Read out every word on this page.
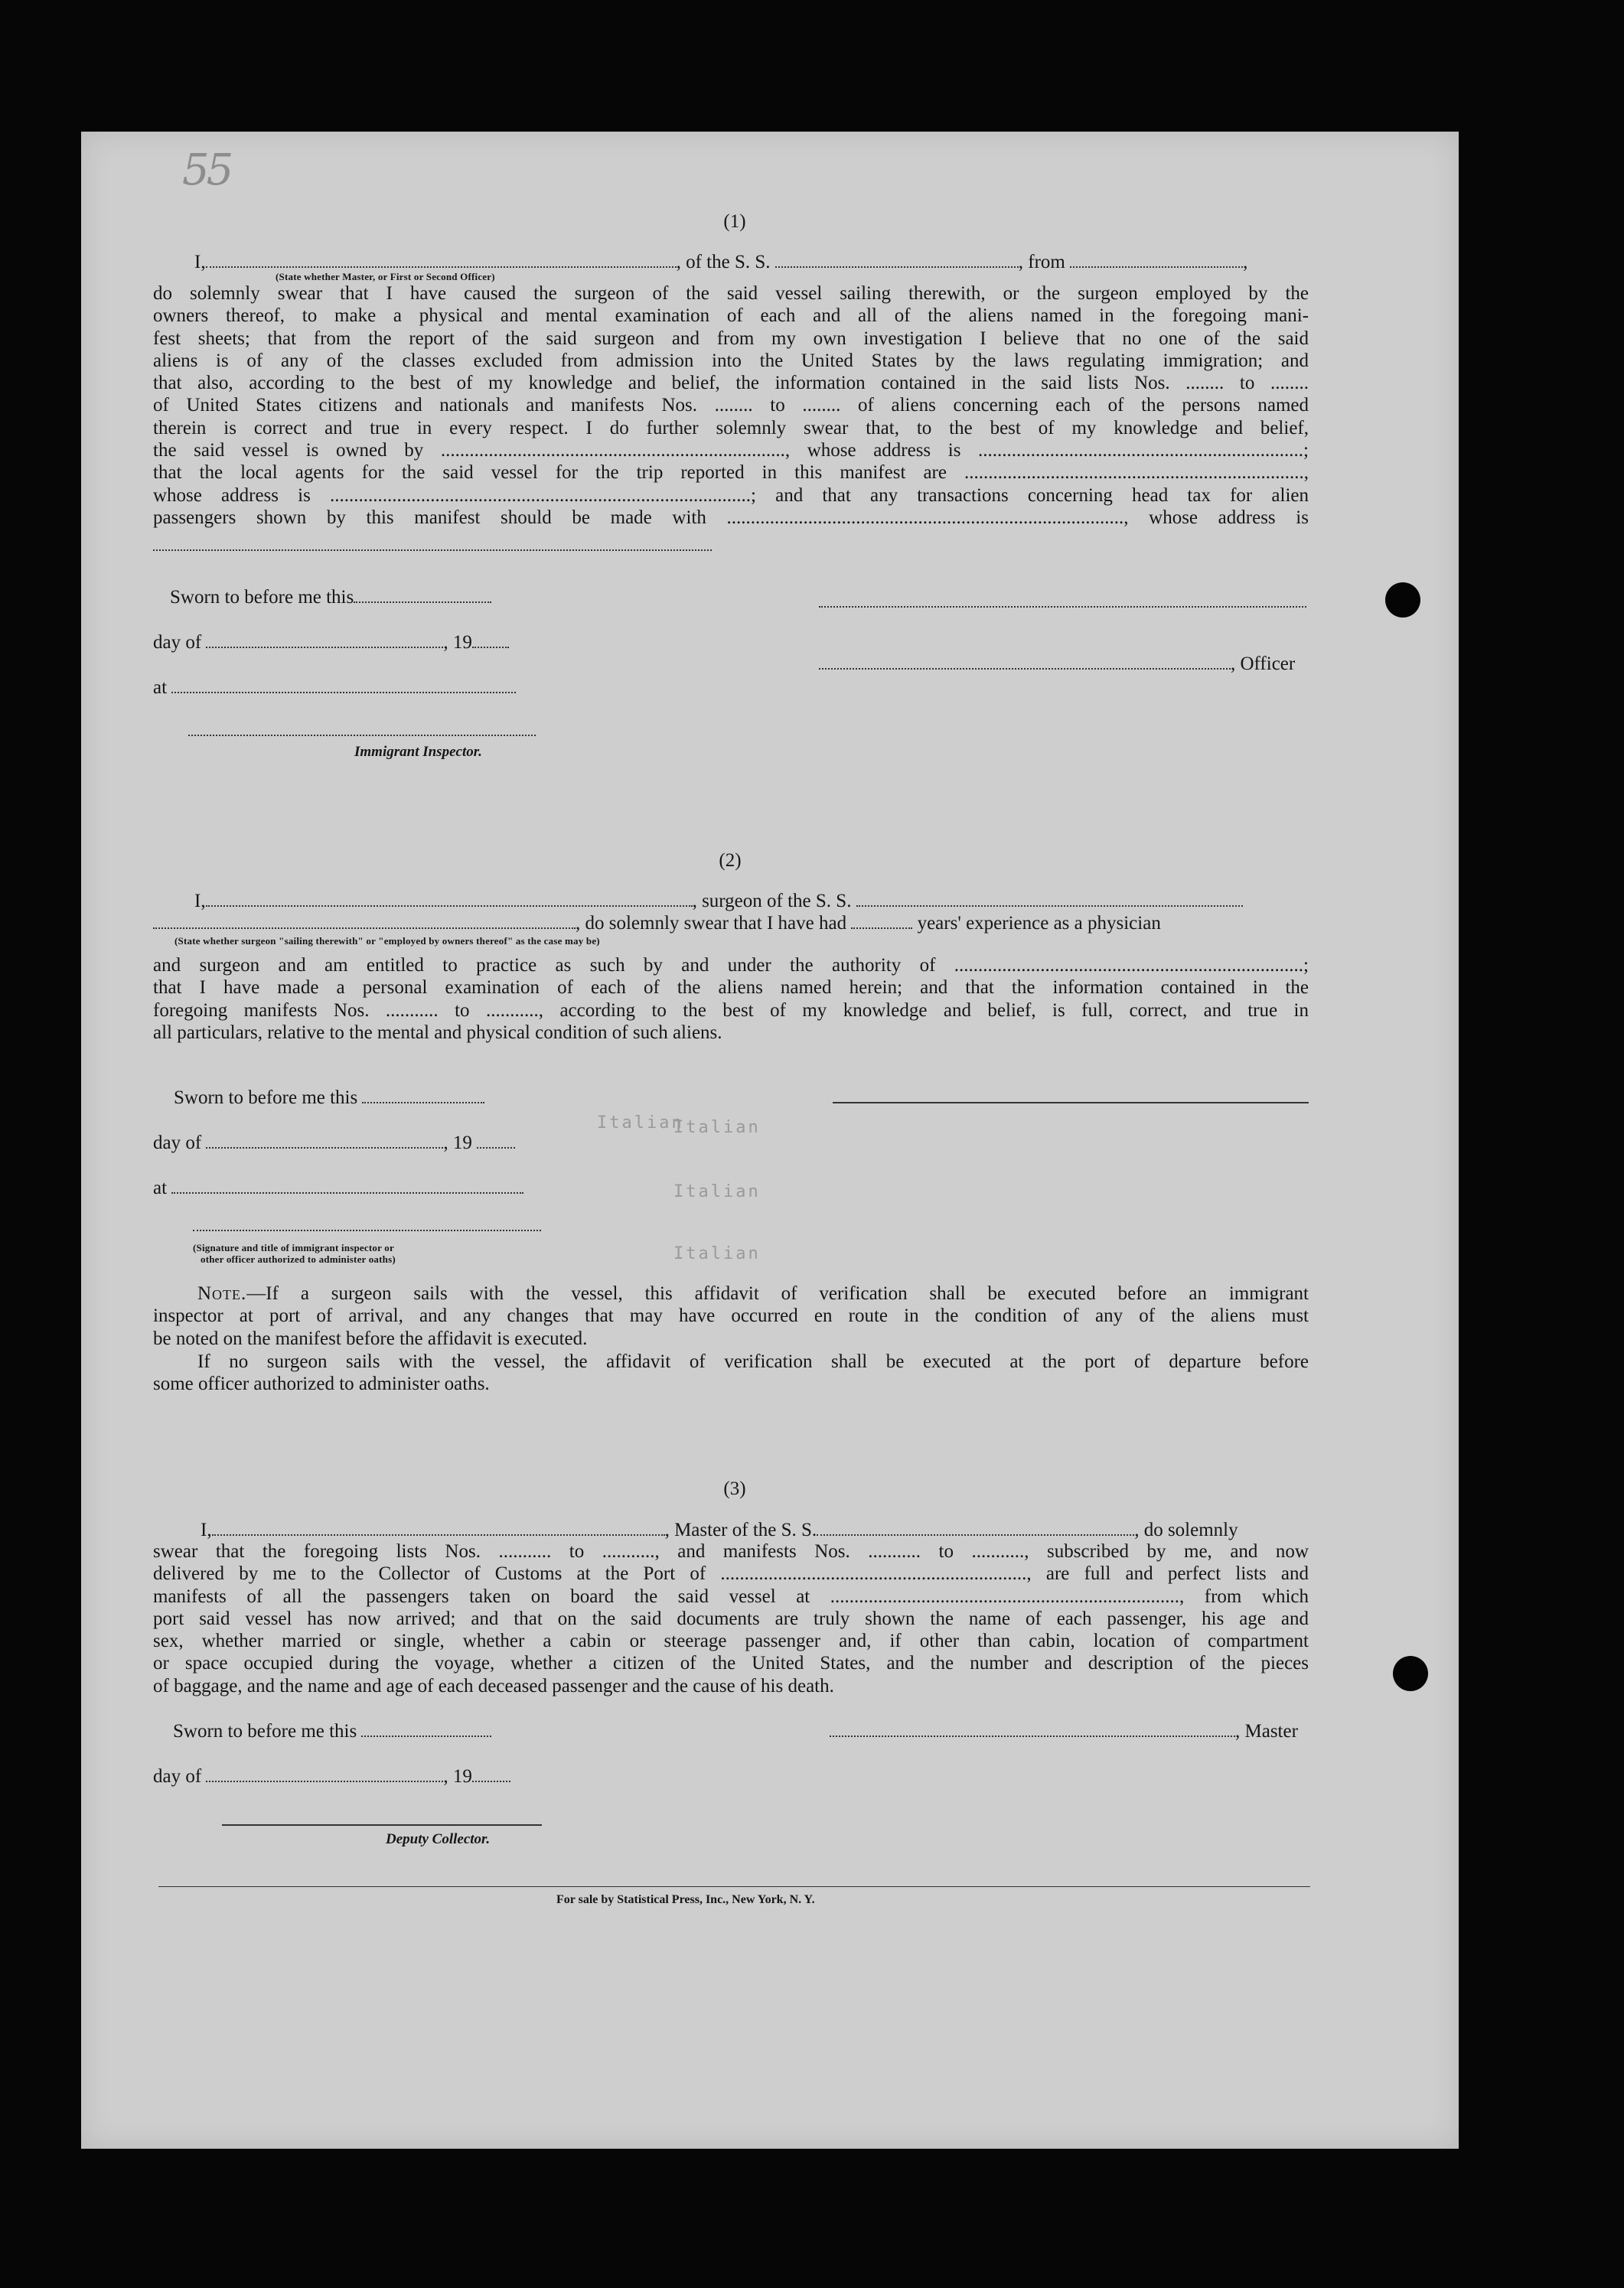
55
Italian
Italian
Italian
Italian
(1)
I,	, of the S. S.	, from	,
(State whether Master, or First or Second Officer)
do solemnly swear that I have caused the surgeon of the said vessel sailing therewith, or the surgeon employed by the
owners thereof, to make a physical and mental examination of each and all of the aliens named in the foregoing mani-
fest sheets; that from the report of the said surgeon and from my own investigation I believe that no one of the said
aliens is of any of the classes excluded from admission into the United States by the laws regulating immigration; and
that also, according to the best of my knowledge and belief, the information contained in the said lists Nos. ........ to ........
of United States citizens and nationals and manifests Nos. ........ to ........ of aliens concerning each of the persons named
therein is correct and true in every respect. I do further solemnly swear that, to the best of my knowledge and belief,
the said vessel is owned by ........................................................................, whose address is ....................................................................;
that the local agents for the said vessel for the trip reported in this manifest are .......................................................................,
whose address is ........................................................................................; and that any transactions concerning head tax for alien
passengers shown by this manifest should be made with ..................................................................................., whose address is
Sworn to before me this
day of	, 19
at
Immigrant Inspector.
, Officer
(2)
I,	, surgeon of the S. S.
, do solemnly swear that I have had	years' experience as a physician
(State whether surgeon "sailing therewith" or "employed by owners thereof" as the case may be)
and surgeon and am entitled to practice as such by and under the authority of .........................................................................;
that I have made a personal examination of each of the aliens named herein; and that the information contained in the
foregoing manifests Nos. ........... to ..........., according to the best of my knowledge and belief, is full, correct, and true in
all particulars, relative to the mental and physical condition of such aliens.
Sworn to before me this
day of	, 19
at
(Signature and title of immigrant inspector or
other officer authorized to administer oaths)
Note.—If a surgeon sails with the vessel, this affidavit of verification shall be executed before an immigrant
inspector at port of arrival, and any changes that may have occurred en route in the condition of any of the aliens must
be noted on the manifest before the affidavit is executed.
If no surgeon sails with the vessel, the affidavit of verification shall be executed at the port of departure before
some officer authorized to administer oaths.
(3)
I,	, Master of the S. S.	, do solemnly
swear that the foregoing lists Nos. ........... to ..........., and manifests Nos. ........... to ..........., subscribed by me, and now
delivered by me to the Collector of Customs at the Port of ................................................................, are full and perfect lists and
manifests of all the passengers taken on board the said vessel at ........................................................................., from which
port said vessel has now arrived; and that on the said documents are truly shown the name of each passenger, his age and
sex, whether married or single, whether a cabin or steerage passenger and, if other than cabin, location of compartment
or space occupied during the voyage, whether a citizen of the United States, and the number and description of the pieces
of baggage, and the name and age of each deceased passenger and the cause of his death.
Sworn to before me this	, Master
day of	, 19
Deputy Collector.
For sale by Statistical Press, Inc., New York, N. Y.
